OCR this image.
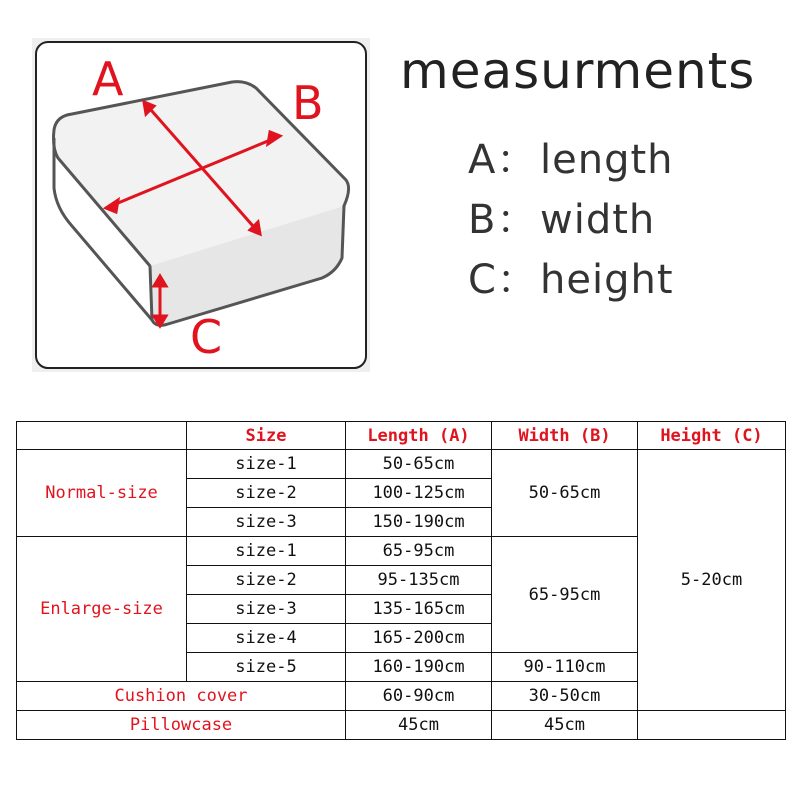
A	B
C
measurments
A：length
B：width
C：height
	Size	Length (A)	Width (B)	Height (C)
Normal-size	size-1	50-65cm	50-65cm	5-20cm
	size-2	100-125cm		
	size-3	150-190cm		
Enlarge-size	size-1	65-95cm	65-95cm	
	size-2	95-135cm		
	size-3	135-165cm		
	size-4	165-200cm		
	size-5	160-190cm	90-110cm	
Cushion cover		60-90cm	30-50cm	
Pillowcase		45cm	45cm	
